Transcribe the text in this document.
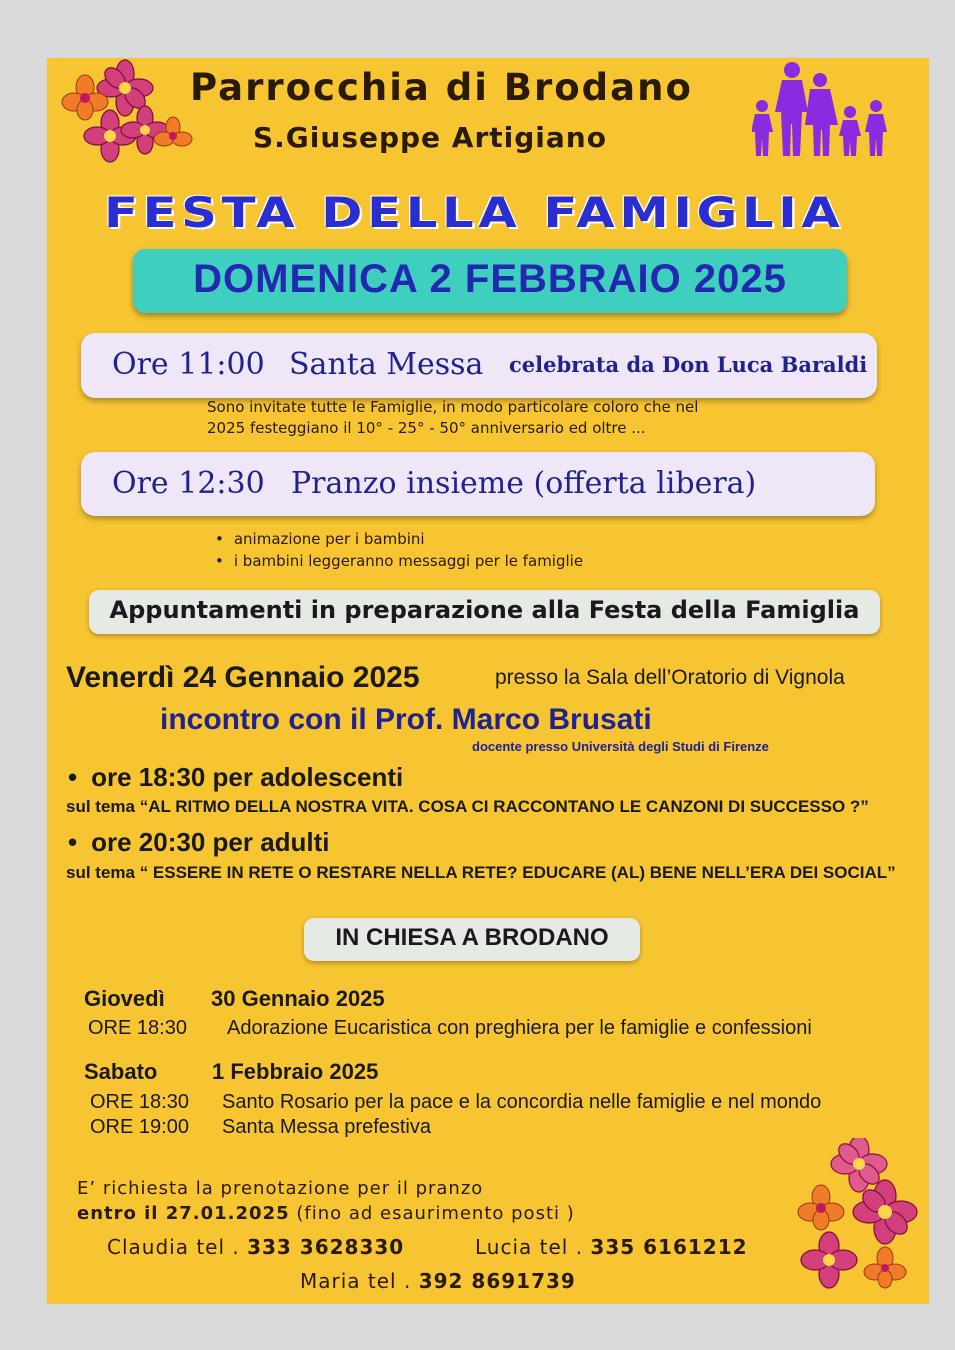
Parrocchia di Brodano
S.Giuseppe Artigiano
FESTA DELLA FAMIGLIA
DOMENICA 2 FEBBRAIO 2025
Ore 11:00 Santa Messa celebrata da Don Luca Baraldi
Sono invitate tutte le Famiglie, in modo particolare coloro che nel
2025 festeggiano il 10° - 25° - 50° anniversario ed oltre ...
Ore 12:30 Pranzo insieme (offerta libera)
• animazione per i bambini
• i bambini leggeranno messaggi per le famiglie
Appuntamenti in preparazione alla Festa della Famiglia
Venerdì 24 Gennaio 2025	presso la Sala dell’Oratorio di Vignola
incontro con il Prof. Marco Brusati
docente presso Università degli Studi di Firenze
• ore 18:30 per adolescenti
sul tema “AL RITMO DELLA NOSTRA VITA. COSA CI RACCONTANO LE CANZONI DI SUCCESSO ?”
• ore 20:30 per adulti
sul tema “ ESSERE IN RETE O RESTARE NELLA RETE? EDUCARE (AL) BENE NELL’ERA DEI SOCIAL”
IN CHIESA A BRODANO
Giovedì 30 Gennaio 2025
ORE 18:30 Adorazione Eucaristica con preghiera per le famiglie e confessioni
Sabato 1 Febbraio 2025
ORE 18:30 Santo Rosario per la pace e la concordia nelle famiglie e nel mondo
ORE 19:00 Santa Messa prefestiva
E’ richiesta la prenotazione per il pranzo
entro il 27.01.2025 (fino ad esaurimento posti )
Claudia tel . 333 3628330	Lucia tel . 335 6161212
Maria tel . 392 8691739
